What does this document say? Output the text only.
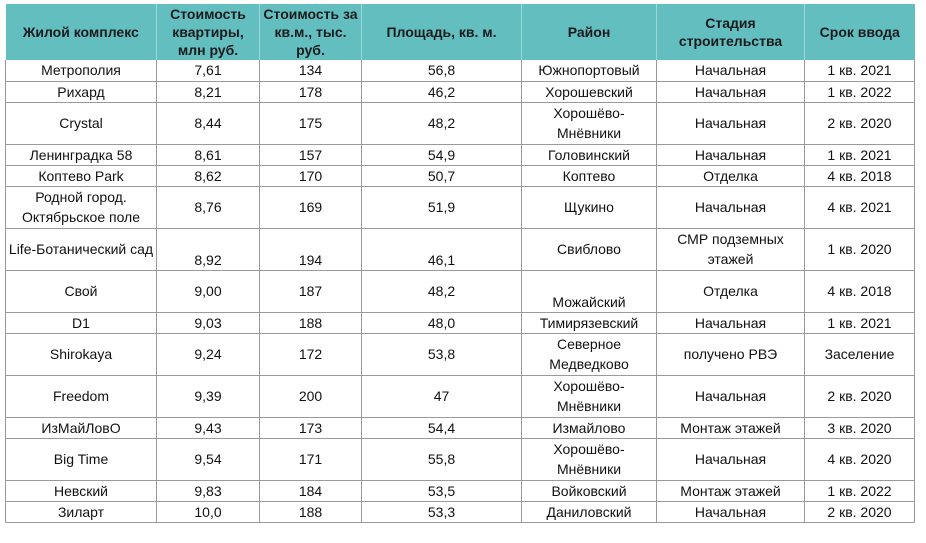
Жилой комплекс	Стоимость квартиры, млн руб.	Стоимость за кв.м., тыс. руб.	Площадь, кв. м.	Район	Стадия строительства	Срок ввода
Метрополия	7,61	134	56,8	Южнопортовый	Начальная	1 кв. 2021
Рихард	8,21	178	46,2	Хорошевский	Начальная	1 кв. 2022
Crystal	8,44	175	48,2	Хорошёво-Мнёвники	Начальная	2 кв. 2020
Ленинградка 58	8,61	157	54,9	Головинский	Начальная	1 кв. 2021
Коптево Park	8,62	170	50,7	Коптево	Отделка	4 кв. 2018
Родной город. Октябрьское поле	8,76	169	51,9	Щукино	Начальная	4 кв. 2021
Life-Ботанический сад	8,92	194	46,1	Свиблово	СМР подземных этажей	1 кв. 2020
Свой	9,00	187	48,2	Можайский	Отделка	4 кв. 2018
D1	9,03	188	48,0	Тимирязевский	Начальная	1 кв. 2021
Shirokaya	9,24	172	53,8	Северное Медведково	получено РВЭ	Заселение
Freedom	9,39	200	47	Хорошёво-Мнёвники	Начальная	2 кв. 2020
ИзМайЛовО	9,43	173	54,4	Измайлово	Монтаж этажей	3 кв. 2020
Big Time	9,54	171	55,8	Хорошёво-Мнёвники	Начальная	4 кв. 2020
Невский	9,83	184	53,5	Войковский	Монтаж этажей	1 кв. 2022
Зиларт	10,0	188	53,3	Даниловский	Начальная	2 кв. 2020
